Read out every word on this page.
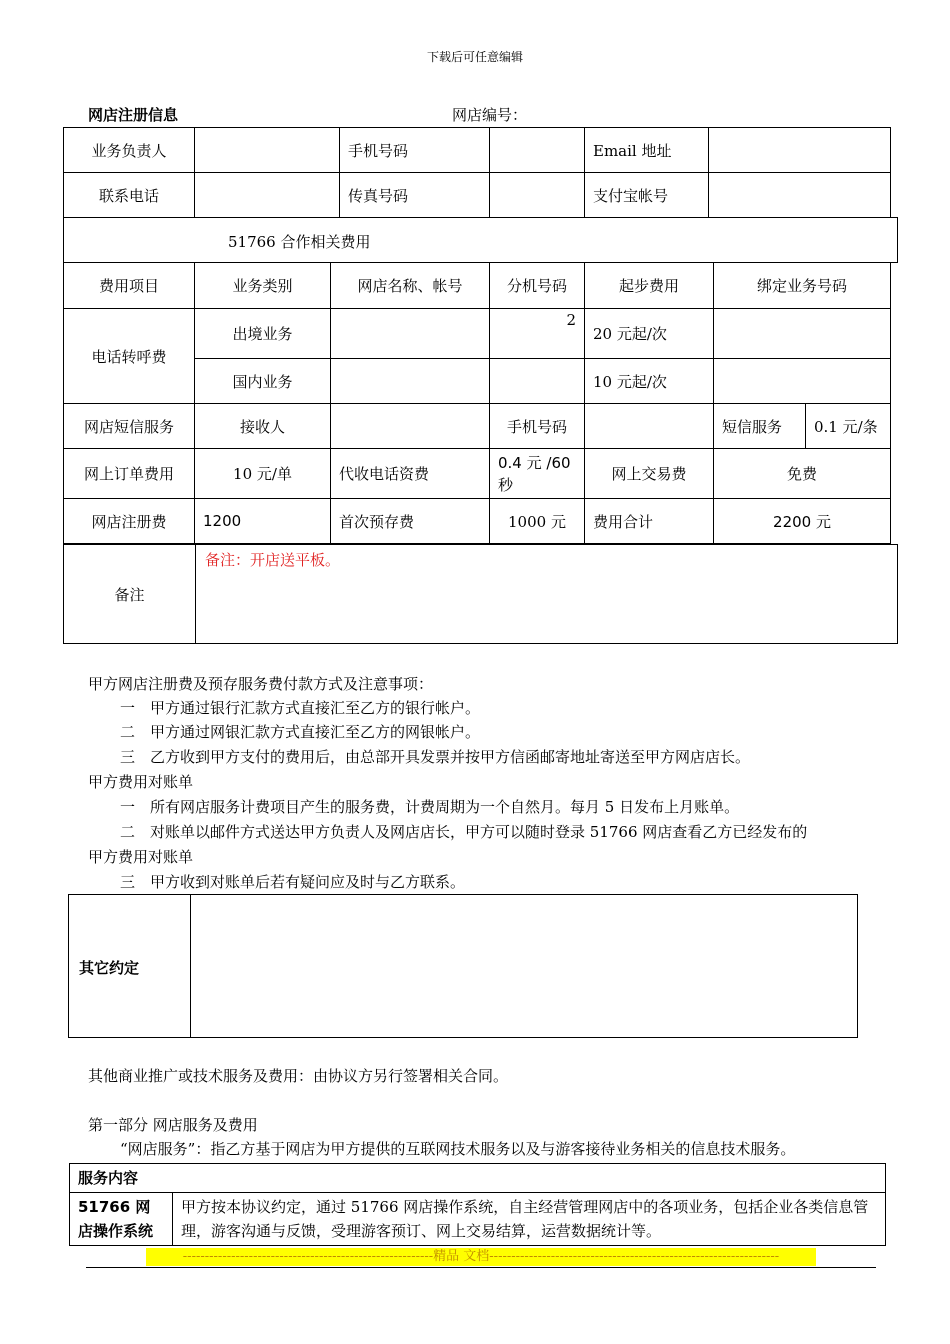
下载后可任意编辑
网店注册信息	网店编号：
业务负责人		手机号码		Email 地址	
联系电话		传真号码		支付宝帐号	
51766 合作相关费用
费用项目	业务类别	网店名称、帐号	分机号码	起步费用	绑定业务号码	
电话转呼费	出境业务		2	20 元起/次		
	国内业务			10 元起/次		
网店短信服务	接收人		手机号码		短信服务	0.1 元/条
网上订单费用	10 元/单	代收电话资费	0.4 元 /60 秒	网上交易费	免费	
网店注册费	1200	首次预存费	1000 元	费用合计	2200 元	
备注
备注：开店送平板。
甲方网店注册费及预存服务费付款方式及注意事项：
一　甲方通过银行汇款方式直接汇至乙方的银行帐户。
二　甲方通过网银汇款方式直接汇至乙方的网银帐户。
三　乙方收到甲方支付的费用后，由总部开具发票并按甲方信函邮寄地址寄送至甲方网店店长。
甲方费用对账单
一　所有网店服务计费项目产生的服务费，计费周期为一个自然月。每月 5 日发布上月账单。
二　对账单以邮件方式送达甲方负责人及网店店长，甲方可以随时登录 51766 网店查看乙方已经发布的
甲方费用对账单
三　甲方收到对账单后若有疑问应及时与乙方联系。
其它约定
其他商业推广或技术服务及费用：由协议方另行签署相关合同。
第一部分 网店服务及费用
“网店服务”：指乙方基于网店为甲方提供的互联网技术服务以及与游客接待业务相关的信息技术服务。
服务内容
51766 网店操作系统	甲方按本协议约定，通过 51766 网店操作系统，自主经营管理网店中的各项业务，包括企业各类信息管理，游客沟通与反馈，受理游客预订、网上交易结算，运营数据统计等。
---------------------------------------------------------精品 文档------------------------------------------------------------------
